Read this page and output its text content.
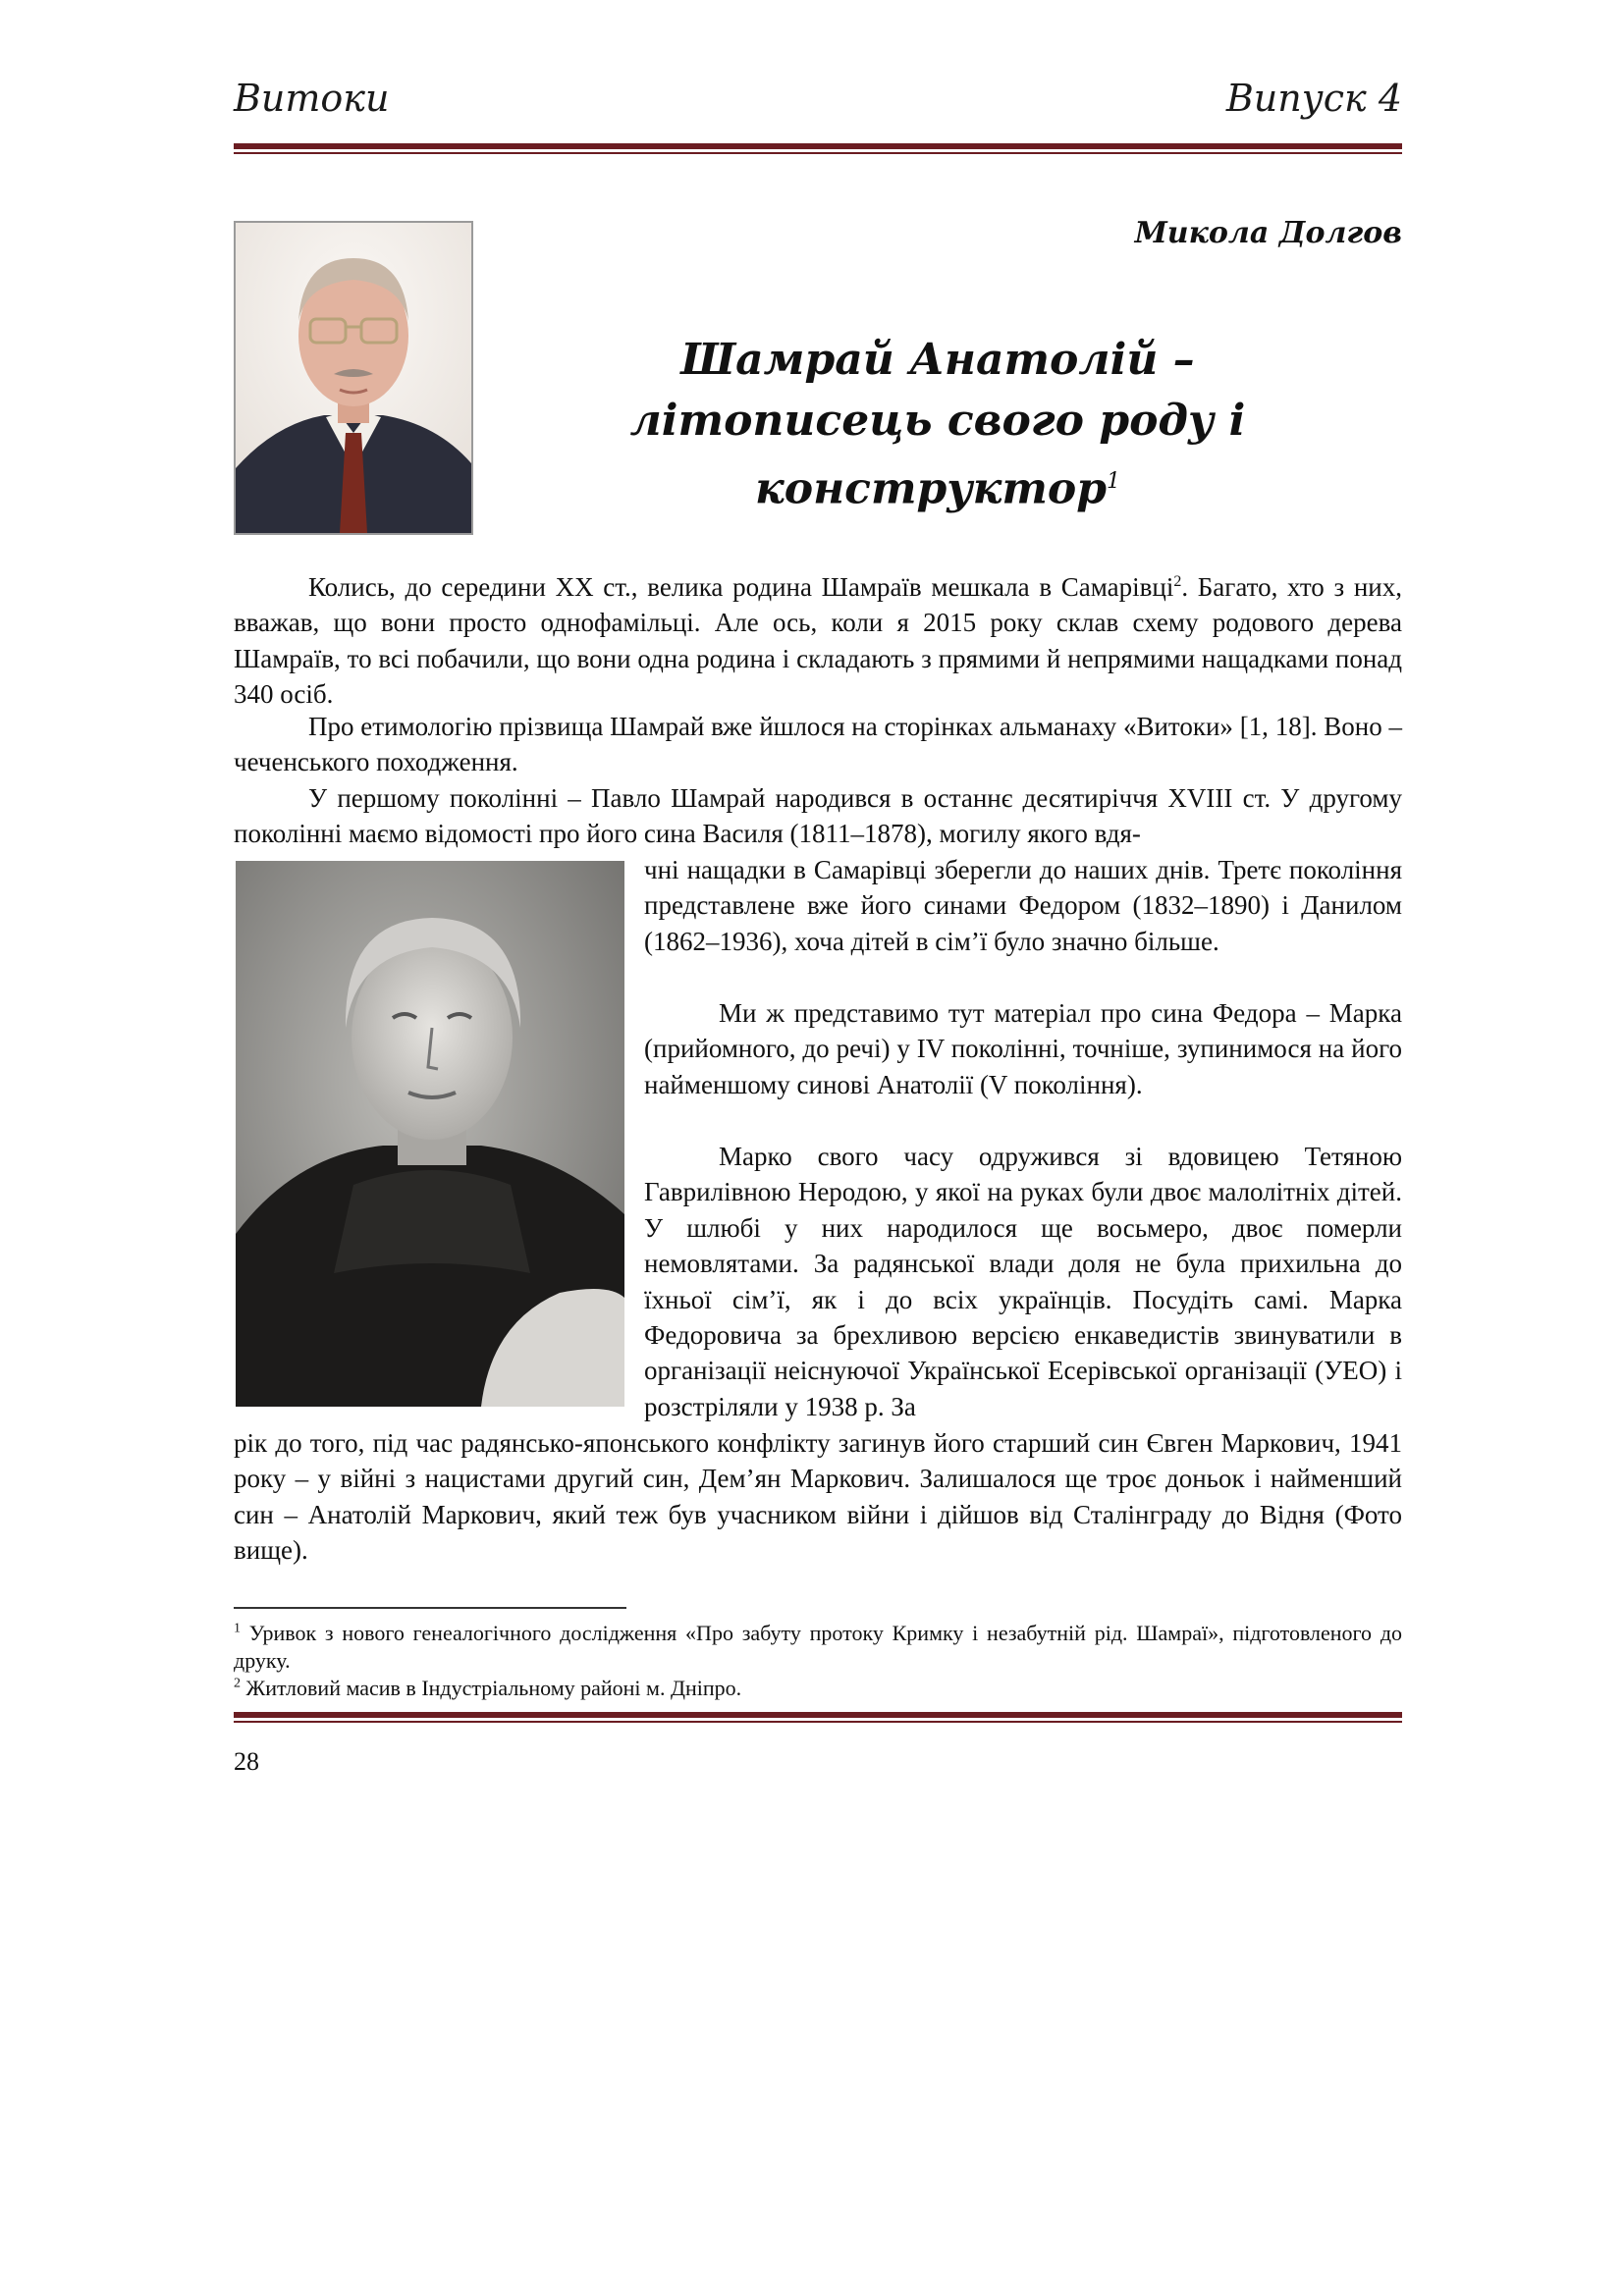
Витоки	Випуск 4
Микола Долгов
Шамрай Анатолій –
літописець свого роду і конструктор$^1$

Колись, до середини ХХ ст., велика родина Шамраїв мешкала в Самарівці$^2$. Багато, хто з них, вважав, що вони просто однофамільці. Але ось, коли я 2015 року склав схему родового дерева Шамраїв, то всі побачили, що вони одна родина і складають з прямими й непрямими нащадками понад 340 осіб.

Про етимологію прізвища Шамрай вже йшлося на сторінках альманаху «Витоки» [1, 18]. Воно – чеченського походження.

У першому поколінні – Павло Шамрай народився в останнє десятиріччя XVIII ст. У другому поколінні маємо відомості про його сина Василя (1811–1878), могилу якого вдя-

чні нащадки в Самарівці зберегли до наших днів. Третє покоління представлене вже його синами Федором (1832–1890) і Данилом (1862–1936), хоча дітей в сім’ї було значно більше.

Ми ж представимо тут матеріал про сина Федора – Марка (прийомного, до речі) у IV поколінні, точніше, зупинимося на його найменшому синові Анатолії (V покоління).

Марко свого часу одружився зі вдовицею Тетяною Гаврилівною Неродою, у якої на руках були двоє малолітніх дітей. У шлюбі у них народилося ще восьмеро, двоє померли немовлятами. За радянської влади доля не була прихильна до їхньої сім’ї, як і до всіх українців. Посудіть самі. Марка Федоровича за брехливою версією енкаведистів звинуватили в організації неіснуючої Української Есерівської організації (УЕО) і розстріляли у 1938 р. За

рік до того, під час радянсько-японського конфлікту загинув його старший син Євген Маркович, 1941 року – у війні з нацистами другий син, Дем’ян Маркович. Залишалося ще троє доньок і найменший син – Анатолій Маркович, який теж був учасником війни і дійшов від Сталінграду до Відня (Фото вище).

$^1$ Уривок з нового генеалогічного дослідження «Про забуту протоку Кримку і незабутній рід. Шамраї», підготовленого до друку.

$^2$ Житловий масив в Індустріальному районі м. Дніпро.

28
